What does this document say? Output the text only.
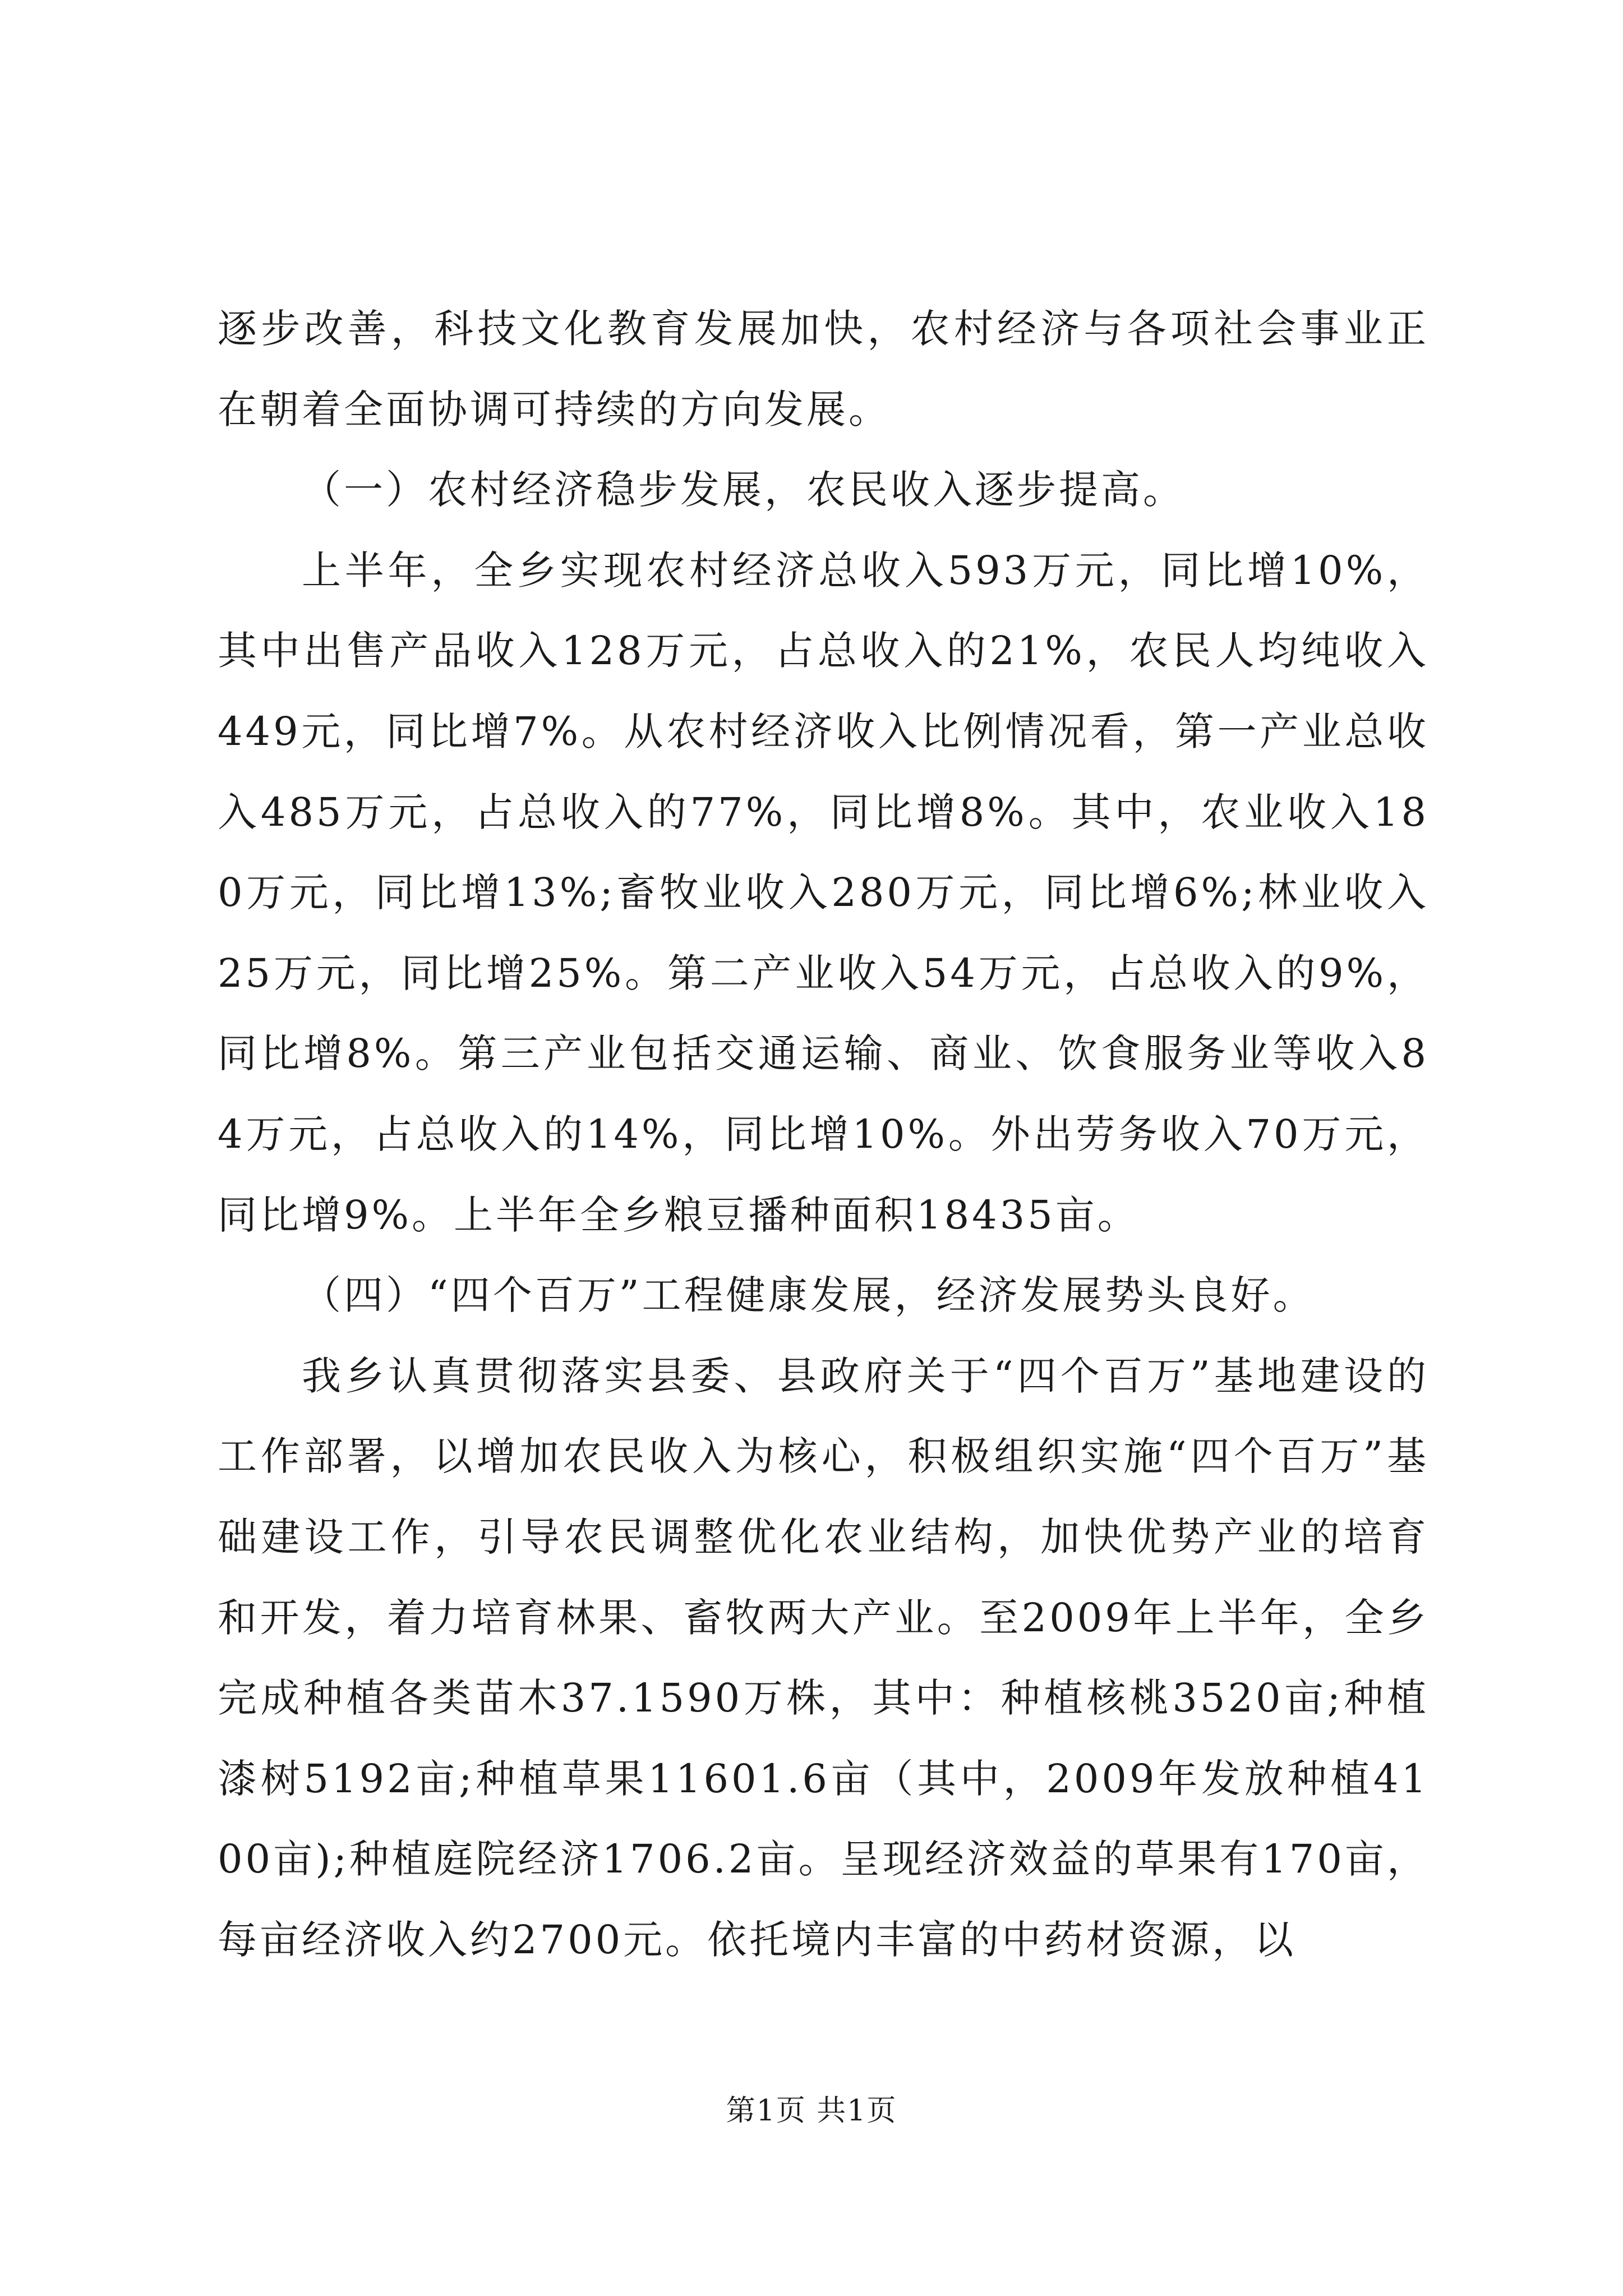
逐步改善，科技文化教育发展加快，农村经济与各项社会事业正在朝着全面协调可持续的方向发展。

（一）农村经济稳步发展，农民收入逐步提高。

上半年，全乡实现农村经济总收入593万元，同比增10%，其中出售产品收入128万元，占总收入的21%，农民人均纯收入449元，同比增7%。从农村经济收入比例情况看，第一产业总收入485万元，占总收入的77%，同比增8%。其中，农业收入180万元，同比增13%;畜牧业收入280万元，同比增6%;林业收入25万元，同比增25%。第二产业收入54万元，占总收入的9%，同比增8%。第三产业包括交通运输、商业、饮食服务业等收入84万元，占总收入的14%，同比增10%。外出劳务收入70万元，同比增9%。上半年全乡粮豆播种面积18435亩。

（四）“四个百万”工程健康发展，经济发展势头良好。

我乡认真贯彻落实县委、县政府关于“四个百万”基地建设的工作部署，以增加农民收入为核心，积极组织实施“四个百万”基础建设工作，引导农民调整优化农业结构，加快优势产业的培育和开发，着力培育林果、畜牧两大产业。至2009年上半年，全乡完成种植各类苗木37.1590万株，其中：种植核桃3520亩;种植漆树5192亩;种植草果11601.6亩（其中，2009年发放种植4100亩);种植庭院经济1706.2亩。呈现经济效益的草果有170亩，每亩经济收入约2700元。依托境内丰富的中药材资源，以

第1页 共1页
